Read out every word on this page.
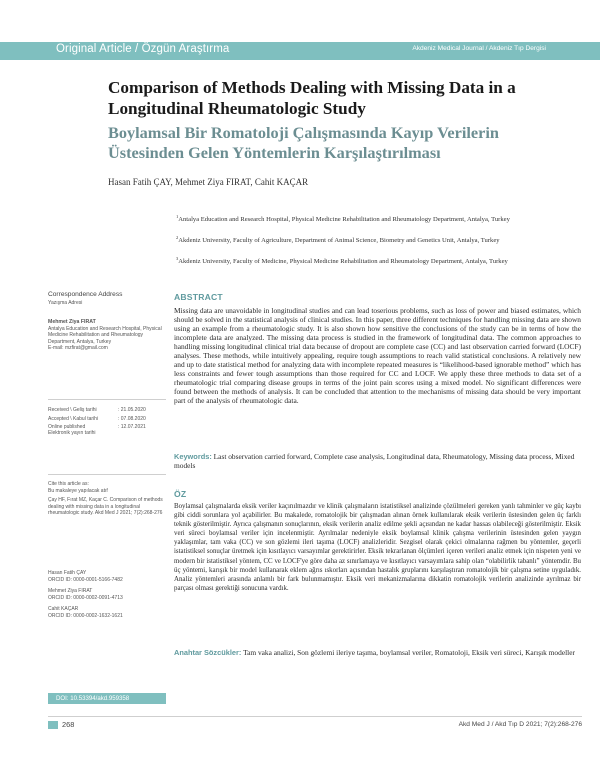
Original Article / Özgün Araştırma	Akdeniz Medical Journal / Akdeniz Tıp Dergisi
Comparison of Methods Dealing with Missing Data in a Longitudinal Rheumatologic Study
Boylamsal Bir Romatoloji Çalışmasında Kayıp Verilerin Üstesinden Gelen Yöntemlerin Karşılaştırılması
Hasan Fatih ÇAY, Mehmet Ziya FIRAT, Cahit KAÇAR
$^1$Antalya Education and Research Hospital, Physical Medicine Rehabilitation and Rheumatology Department, Antalya, Turkey
$^2$Akdeniz University, Faculty of Agriculture, Department of Animal Science, Biometry and Genetics Unit, Antalya, Turkey
$^3$Akdeniz University, Faculty of Medicine, Physical Medicine Rehabilitation and Rheumatology Department, Antalya, Turkey
Correspondence Address
Yazışma Adresi
Mehmet Ziya FIRAT
Antalya Education and Research Hospital, Physical Medicine Rehabilitation and Rheumatology Department, Antalya, Turkey
E-mail: mzfirat@gmail.com
Received \ Geliş tarihi	: 21.05.2020
Accepted \ Kabul tarihi	: 07.08.2020
Online published	: 12.07.2021
Elektronik yayın tarihi
Cite this article as:
Bu makaleye yapılacak atıf
Çay HF, Fırat MZ, Kaçar C. Comparison of methods dealing with missing data in a longitudinal rheumatologic study. Akd Med J 2021; 7(2):268-276
Hasan Fatih ÇAY
ORCID ID: 0000-0001-5166-7482
Mehmet Ziya FIRAT
ORCID ID: 0000-0002-0091-4713
Cahit KAÇAR
ORCID ID: 0000-0002-1632-1621
ABSTRACT

Missing data are unavoidable in longitudinal studies and can lead toserious problems, such as loss of power and biased estimates, which should be solved in the statistical analysis of clinical studies. In this paper, three different techniques for handling missing data are shown using an example from a rheumatologic study. It is also shown how sensitive the conclusions of the study can be in terms of how the incomplete data are analyzed. The missing data process is studied in the framework of longitudinal data. The common approaches to handling missing longitudinal clinical trial data because of dropout are complete case (CC) and last observation carried forward (LOCF) analyses. These methods, while intuitively appealing, require tough assumptions to reach valid statistical conclusions. A relatively new and up to date statistical method for analyzing data with incomplete repeated measures is “likelihood-based ignorable method” which has less constraints and fewer tough assumptions than those required for CC and LOCF. We apply these three methods to data set of a rheumatologic trial comparing disease groups in terms of the joint pain scores using a mixed model. No significant differences were found between the methods of analysis. It can be concluded that attention to the mechanisms of missing data should be very important part of the analysis of rheumatologic data.

Keywords: Last observation carried forward, Complete case analysis, Longitudinal data, Rheumatology, Missing data process, Mixed models

ÖZ

Boylamsal çalışmalarda eksik veriler kaçınılmazdır ve klinik çalışmaların istatistiksel analizinde çözülmeleri gereken yanlı tahminler ve güç kaybı gibi ciddi sorunlara yol açabilirler. Bu makalede, romatolojik bir çalışmadan alınan örnek kullanılarak eksik verilerin üstesinden gelen üç farklı teknik gösterilmiştir. Ayrıca çalışmanın sonuçlarının, eksik verilerin analiz edilme şekli açısından ne kadar hassas olabileceği gösterilmiştir. Eksik veri süreci boylamsal veriler için incelenmiştir. Ayrılmalar nedeniyle eksik boylamsal klinik çalışma verilerinin üstesinden gelen yaygın yaklaşımlar, tam vaka (CC) ve son gözlemi ileri taşıma (LOCF) analizleridir. Sezgisel olarak çekici olmalarına rağmen bu yöntemler, geçerli istatistiksel sonuçlar üretmek için kısıtlayıcı varsayımlar gerektirirler. Eksik tekrarlanan ölçümleri içeren verileri analiz etmek için nispeten yeni ve modern bir istatistiksel yöntem, CC ve LOCF'ye göre daha az sınırlamaya ve kısıtlayıcı varsayımlara sahip olan “olabilirlik tabanlı” yöntemdir. Bu üç yöntemi, karışık bir model kullanarak eklem ağrıs ıskorları açısından hastalık gruplarını karşılaştıran romatolojik bir çalışma setine uyguladık. Analiz yöntemleri arasında anlamlı bir fark bulunmamıştır. Eksik veri mekanizmalarına dikkatin romatolojik verilerin analizinde ayrılmaz bir parçası olması gerektiği sonucuna vardık.

Anahtar Sözcükler: Tam vaka analizi, Son gözlemi ileriye taşıma, boylamsal veriler, Romatoloji, Eksik veri süreci, Karışık modeller

DOI: 10.53394/akd.959358
268	Akd Med J / Akd Tıp D 2021; 7(2):268-276
